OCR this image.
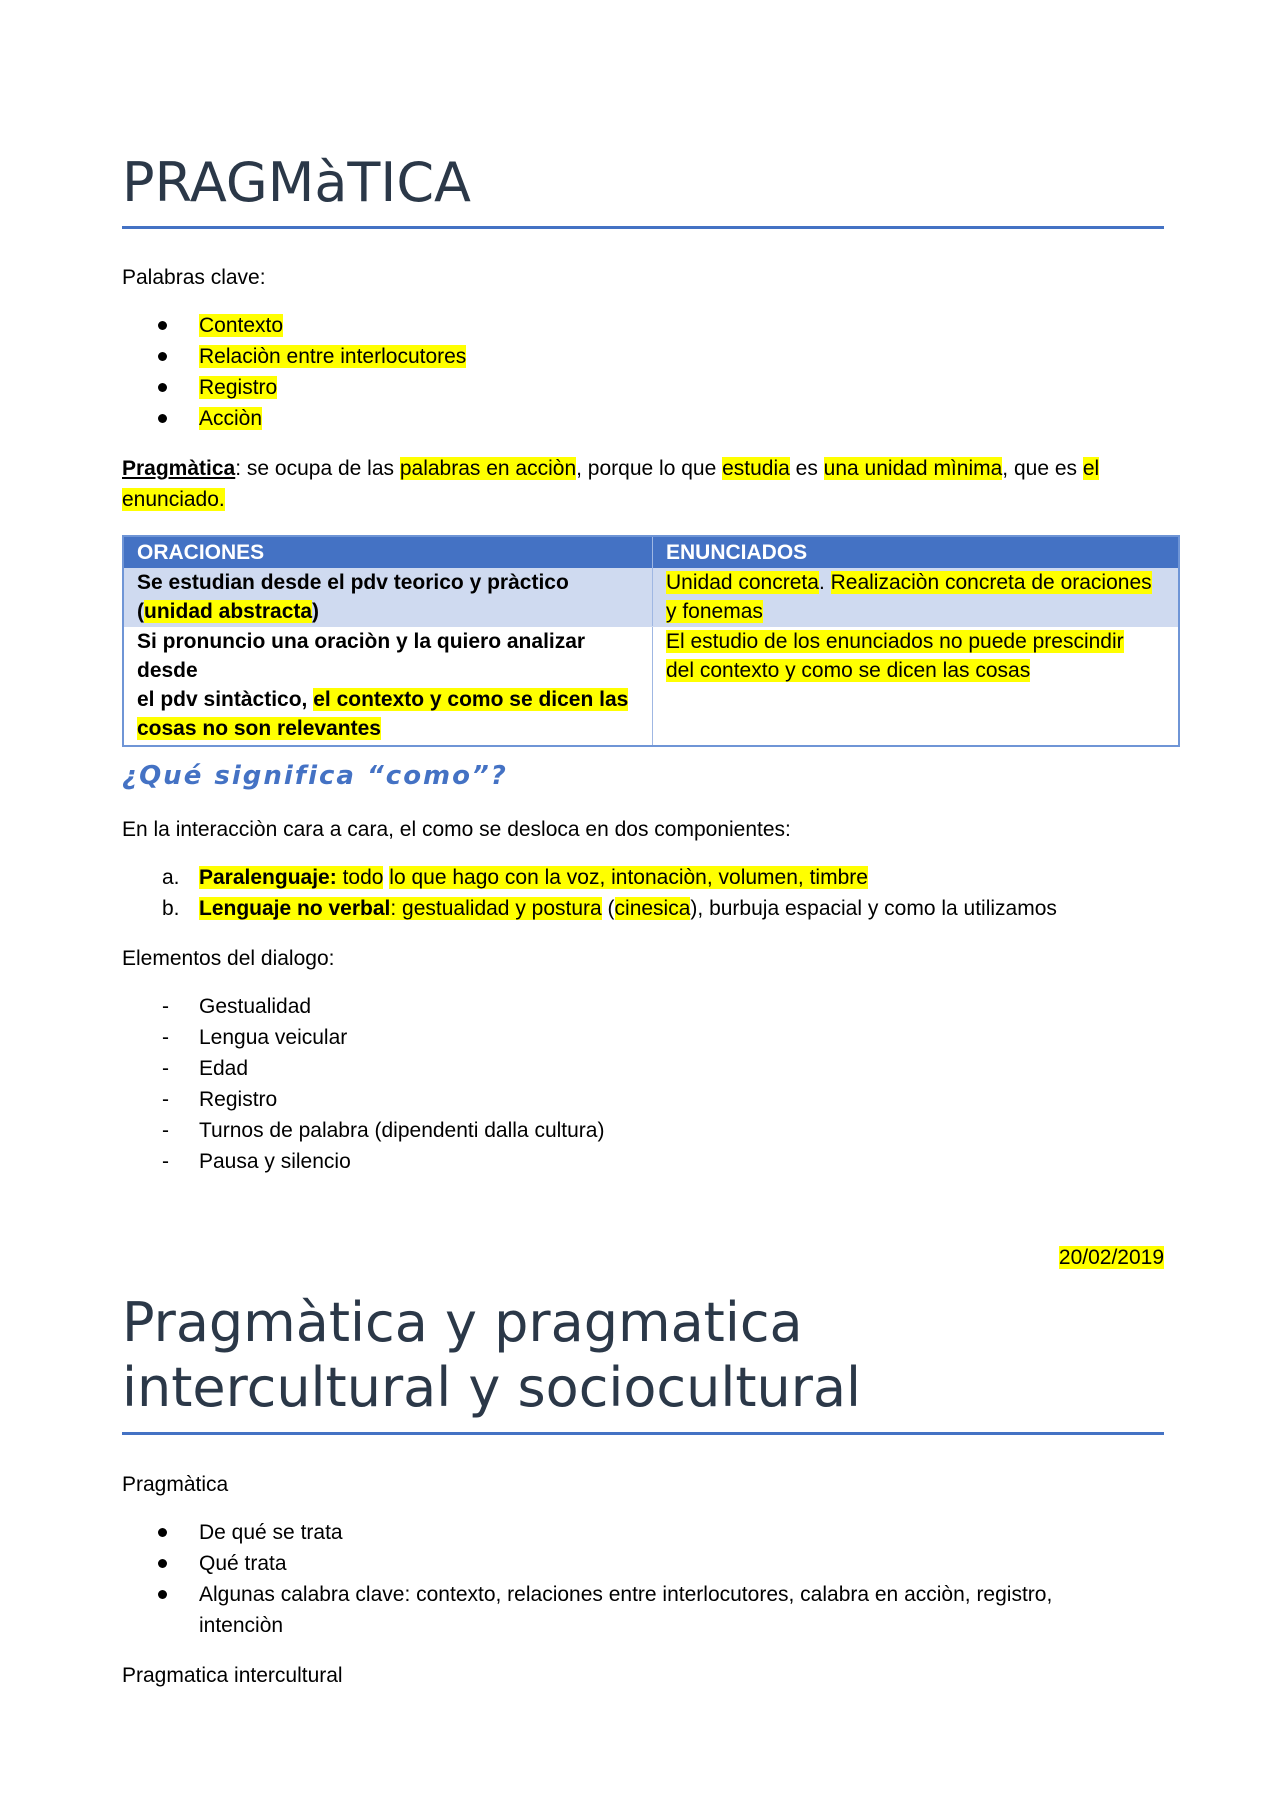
PRAGMàTICA
Palabras clave:
Contexto
Relaciòn entre interlocutores
Registro
Acciòn
Pragmàtica: se ocupa de las palabras en acciòn, porque lo que estudia es una unidad mìnima, que es el
enunciado.
ORACIONES	ENUNCIADOS
Se estudian desde el pdv teorico y pràctico
(unidad abstracta)	Unidad concreta. Realizaciòn concreta de oraciones
y fonemas
Si pronuncio una oraciòn y la quiero analizar desde
el pdv sintàctico, el contexto y como se dicen las
cosas no son relevantes	El estudio de los enunciados no puede prescindir
del contexto y como se dicen las cosas
¿Qué significa “como”?
En la interacciòn cara a cara, el como se desloca en dos componientes:
a. Paralenguaje: todo lo que hago con la voz, intonaciòn, volumen, timbre
b. Lenguaje no verbal: gestualidad y postura (cinesica), burbuja espacial y como la utilizamos
Elementos del dialogo:
- Gestualidad
- Lengua veicular
- Edad
- Registro
- Turnos de palabra (dipendenti dalla cultura)
- Pausa y silencio
20/02/2019
Pragmàtica y pragmatica
intercultural y sociocultural
Pragmàtica
De qué se trata
Qué trata
Algunas calabra clave: contexto, relaciones entre interlocutores, calabra en acciòn, registro,
intenciòn
Pragmatica intercultural
